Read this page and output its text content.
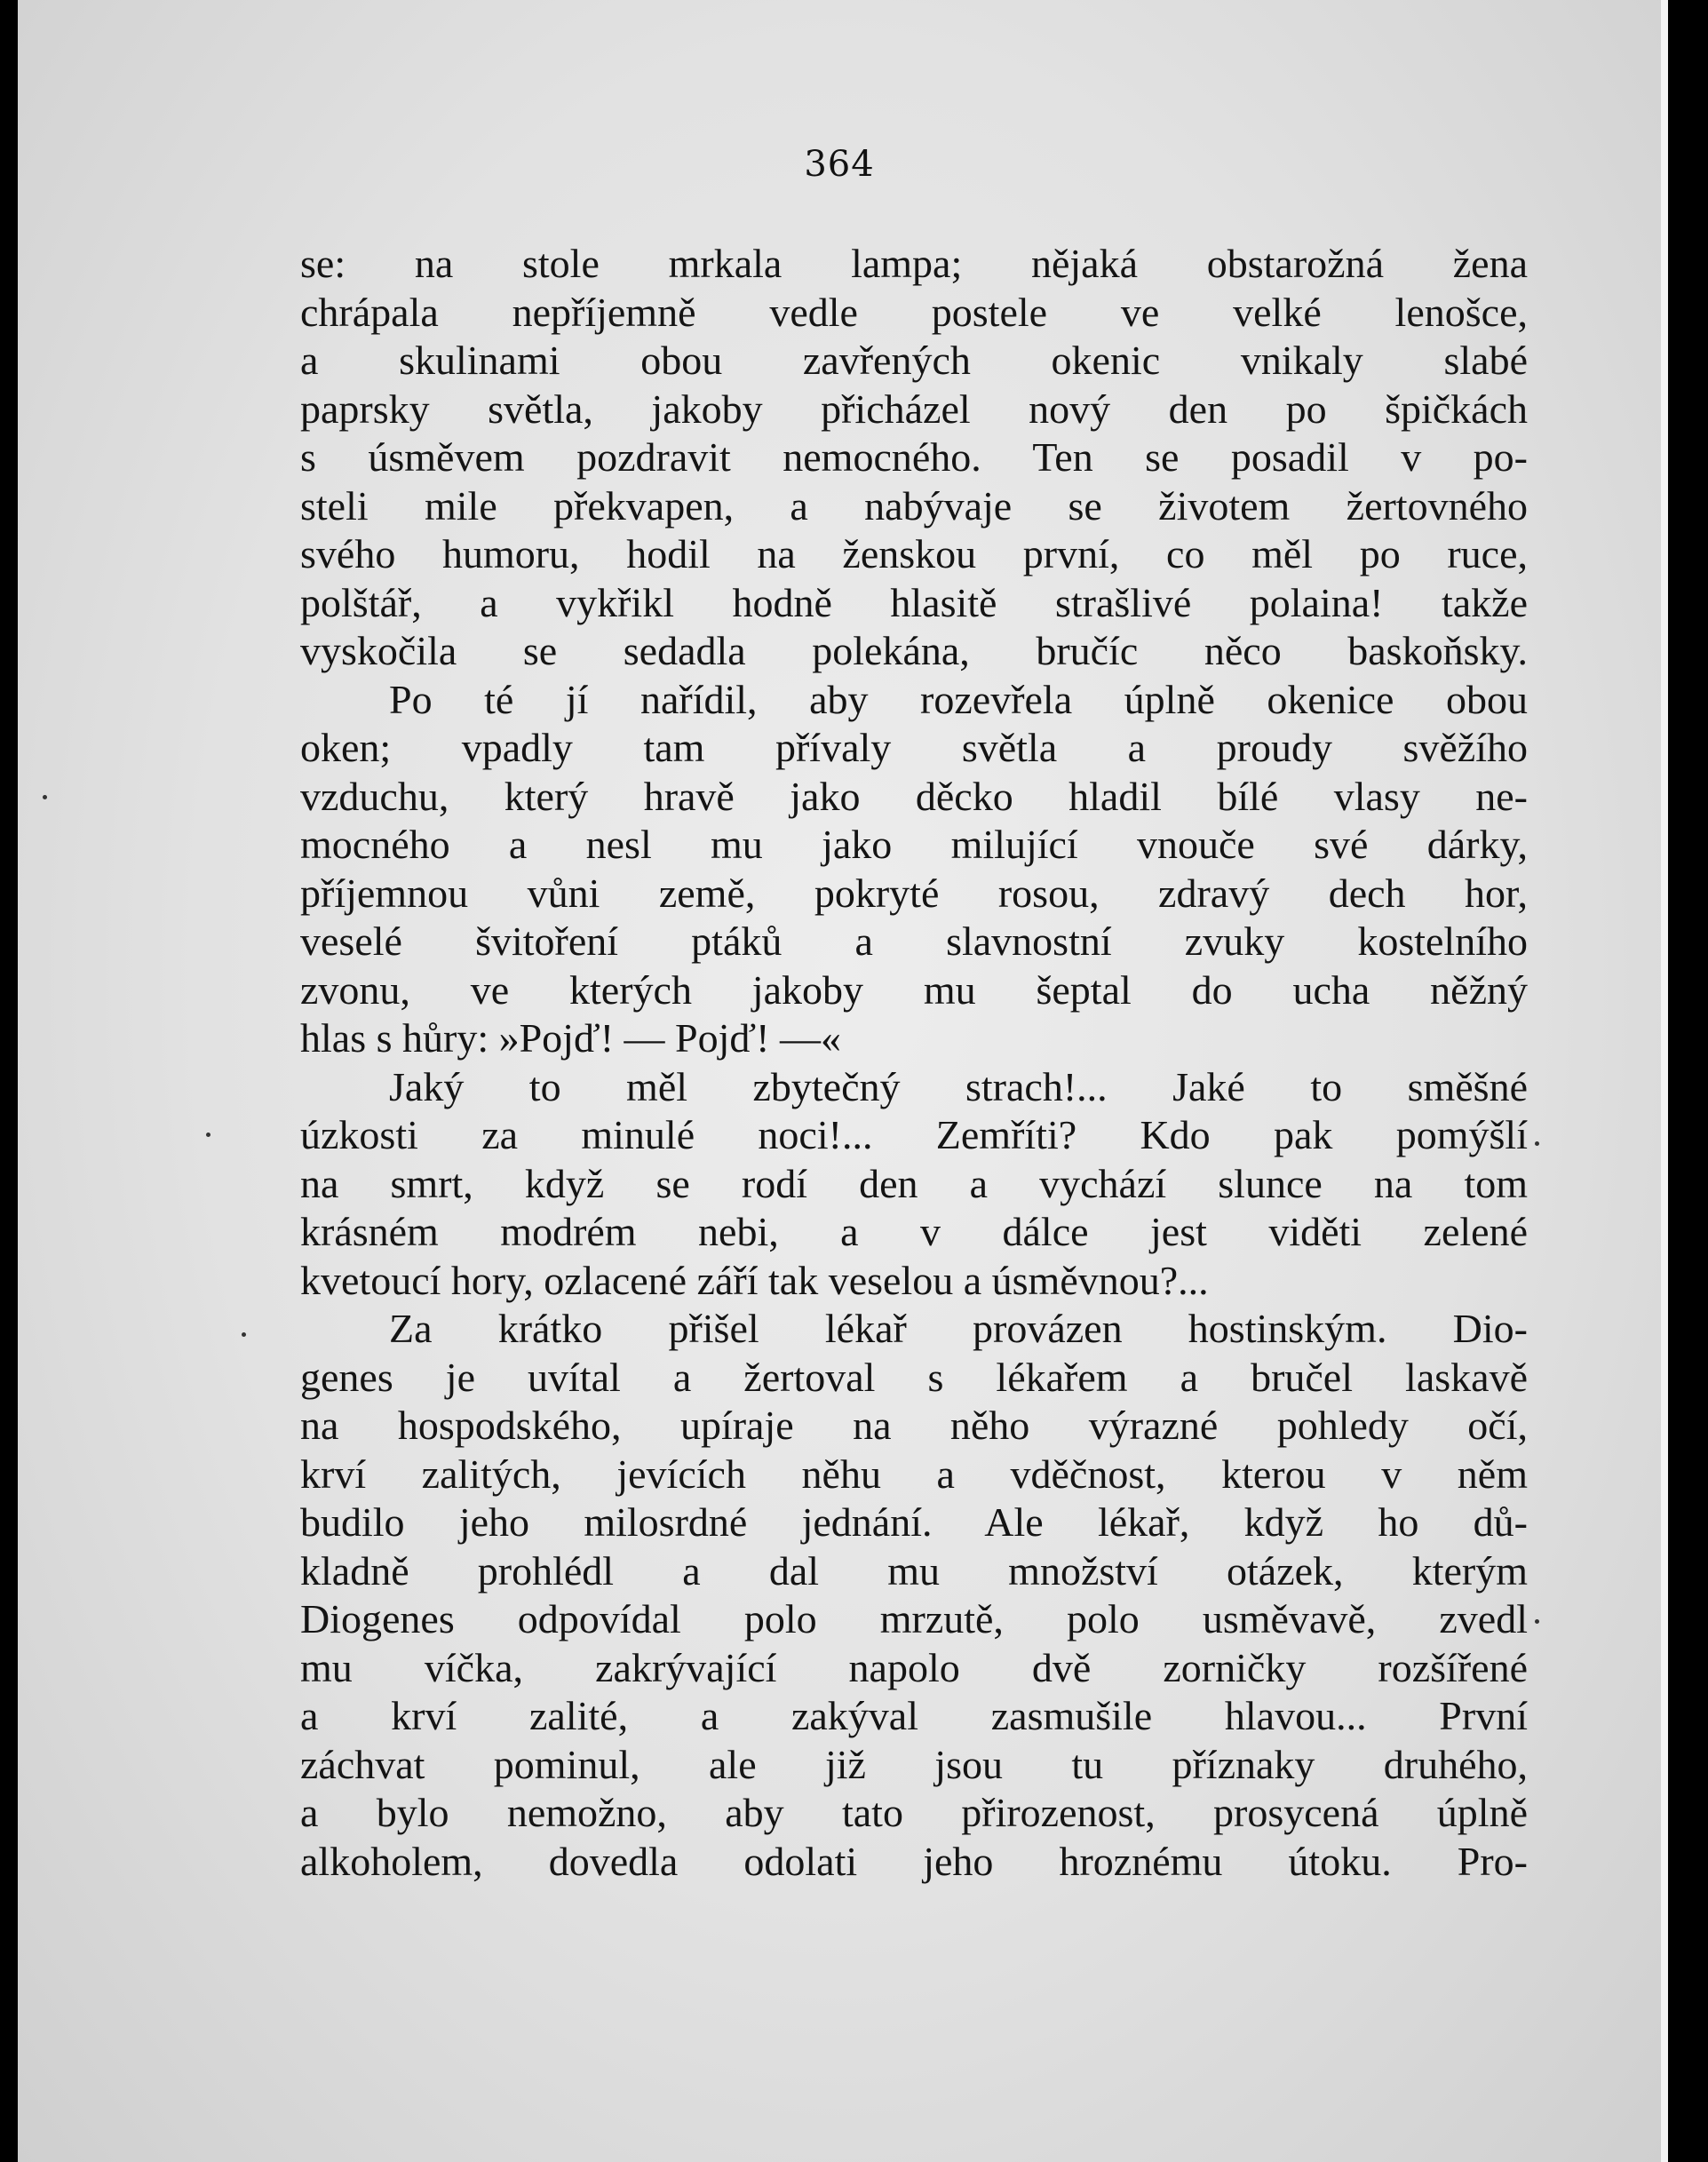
364
se: na stole mrkala lampa; nějaká obstarožná žena
chrápala nepříjemně vedle postele ve velké lenošce,
a skulinami obou zavřených okenic vnikaly slabé
paprsky světla, jakoby přicházel nový den po špičkách
s úsměvem pozdravit nemocného. Ten se posadil v po-
steli mile překvapen, a nabývaje se životem žertovného
svého humoru, hodil na ženskou první, co měl po ruce,
polštář, a vykřikl hodně hlasitě strašlivé polaina! takže
vyskočila se sedadla polekána, bručíc něco baskoňsky.
Po té jí nařídil, aby rozevřela úplně okenice obou
oken; vpadly tam přívaly světla a proudy svěžího
vzduchu, který hravě jako děcko hladil bílé vlasy ne-
mocného a nesl mu jako milující vnouče své dárky,
příjemnou vůni země, pokryté rosou, zdravý dech hor,
veselé švitoření ptáků a slavnostní zvuky kostelního
zvonu, ve kterých jakoby mu šeptal do ucha něžný
hlas s hůry: »Pojď! — Pojď! —«
Jaký to měl zbytečný strach!... Jaké to směšné
úzkosti za minulé noci!... Zemříti? Kdo pak pomýšlí
na smrt, když se rodí den a vychází slunce na tom
krásném modrém nebi, a v dálce jest viděti zelené
kvetoucí hory, ozlacené září tak veselou a úsměvnou?...
Za krátko přišel lékař provázen hostinským. Dio-
genes je uvítal a žertoval s lékařem a bručel laskavě
na hospodského, upíraje na něho výrazné pohledy očí,
krví zalitých, jevících něhu a vděčnost, kterou v něm
budilo jeho milosrdné jednání. Ale lékař, když ho dů-
kladně prohlédl a dal mu množství otázek, kterým
Diogenes odpovídal polo mrzutě, polo usměvavě, zvedl
mu víčka, zakrývající napolo dvě zorničky rozšířené
a krví zalité, a zakýval zasmušile hlavou... První
záchvat pominul, ale již jsou tu příznaky druhého,
a bylo nemožno, aby tato přirozenost, prosycená úplně
alkoholem, dovedla odolati jeho hroznému útoku. Pro-
